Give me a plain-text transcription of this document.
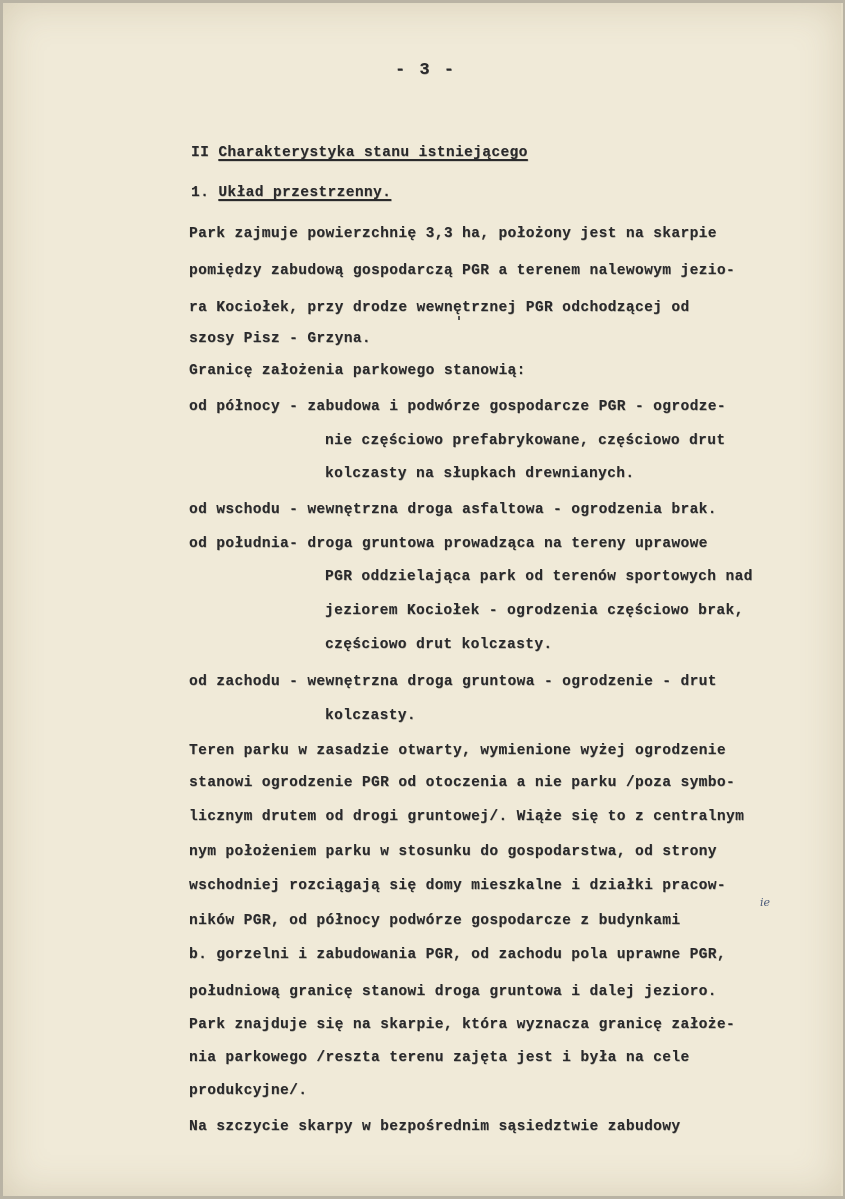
- 3 -
II Charakterystyka stanu istniejącego
1. Układ przestrzenny.
Park zajmuje powierzchnię 3,3 ha, położony jest na skarpie
pomiędzy zabudową gospodarczą PGR a terenem nalewowym jezio-
ra Kociołek, przy drodze wewnętrznej PGR odchodzącej od
szosy Pisz - Grzyna.
Granicę założenia parkowego stanowią:
od północy - zabudowa i podwórze gospodarcze PGR - ogrodze-
nie częściowo prefabrykowane, częściowo drut
kolczasty na słupkach drewnianych.
od wschodu - wewnętrzna droga asfaltowa - ogrodzenia brak.
od południa- droga gruntowa prowadząca na tereny uprawowe
PGR oddzielająca park od terenów sportowych nad
jeziorem Kociołek - ogrodzenia częściowo brak,
częściowo drut kolczasty.
od zachodu - wewnętrzna droga gruntowa - ogrodzenie - drut
kolczasty.
Teren parku w zasadzie otwarty, wymienione wyżej ogrodzenie
stanowi ogrodzenie PGR od otoczenia a nie parku /poza symbo-
licznym drutem od drogi gruntowej/. Wiąże się to z centralnym
nym położeniem parku w stosunku do gospodarstwa, od strony
wschodniej rozciągają się domy mieszkalne i działki pracow-
ników PGR, od północy podwórze gospodarcze z budynkami
b. gorzelni i zabudowania PGR, od zachodu pola uprawne PGR,
południową granicę stanowi droga gruntowa i dalej jezioro.
Park znajduje się na skarpie, która wyznacza granicę założe-
nia parkowego /reszta terenu zajęta jest i była na cele
produkcyjne/.
Na szczycie skarpy w bezpośrednim sąsiedztwie zabudowy
ie
